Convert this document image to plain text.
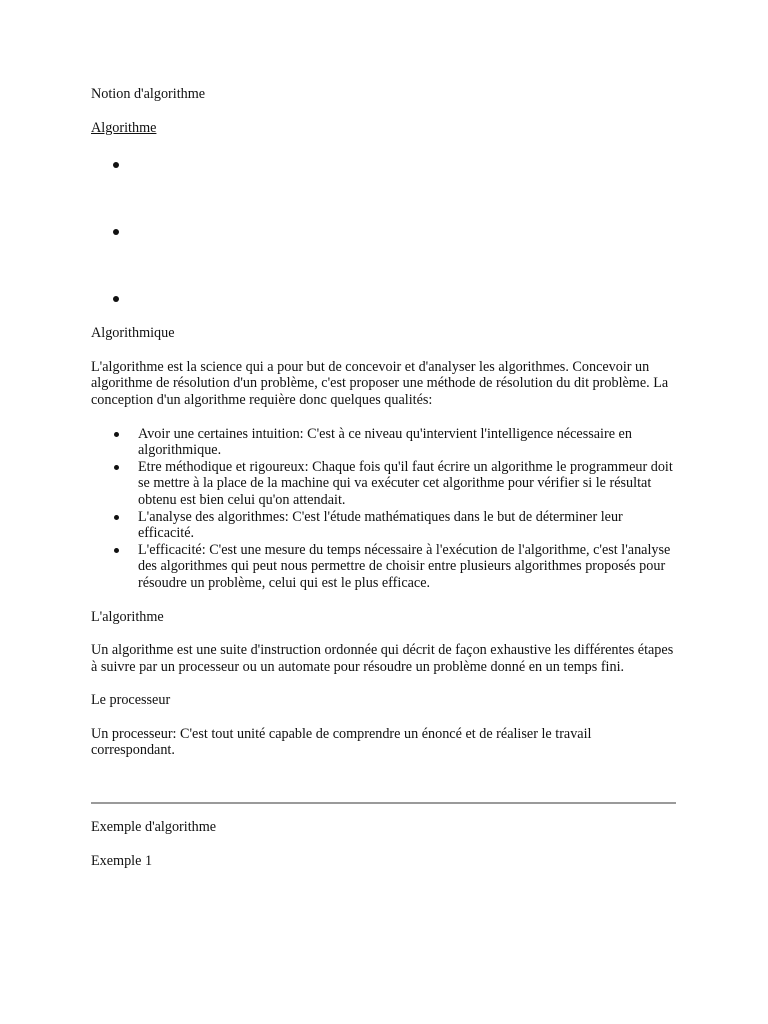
Notion d'algorithme

Algorithme

Algorithmique

L'algorithme est la science qui a pour but de concevoir et d'analyser les algorithmes. Concevoir un algorithme de résolution d'un problème, c'est proposer une méthode de résolution du dit problème. La conception d'un algorithme requière donc quelques qualités:

Avoir une certaines intuition: C'est à ce niveau qu'intervient l'intelligence nécessaire en algorithmique.
Etre méthodique et rigoureux: Chaque fois qu'il faut écrire un algorithme le programmeur doit se mettre à la place de la machine qui va exécuter cet algorithme pour vérifier si le résultat obtenu est bien celui qu'on attendait.
L'analyse des algorithmes: C'est l'étude mathématiques dans le but de déterminer leur efficacité.
L'efficacité: C'est une mesure du temps nécessaire à l'exécution de l'algorithme, c'est l'analyse des algorithmes qui peut nous permettre de choisir entre plusieurs algorithmes proposés pour résoudre un problème, celui qui est le plus efficace.

L'algorithme

Un algorithme est une suite d'instruction ordonnée qui décrit de façon exhaustive les différentes étapes à suivre par un processeur ou un automate pour résoudre un problème donné en un temps fini.

Le processeur

Un processeur: C'est tout unité capable de comprendre un énoncé et de réaliser le travail correspondant.

Exemple d'algorithme

Exemple 1
